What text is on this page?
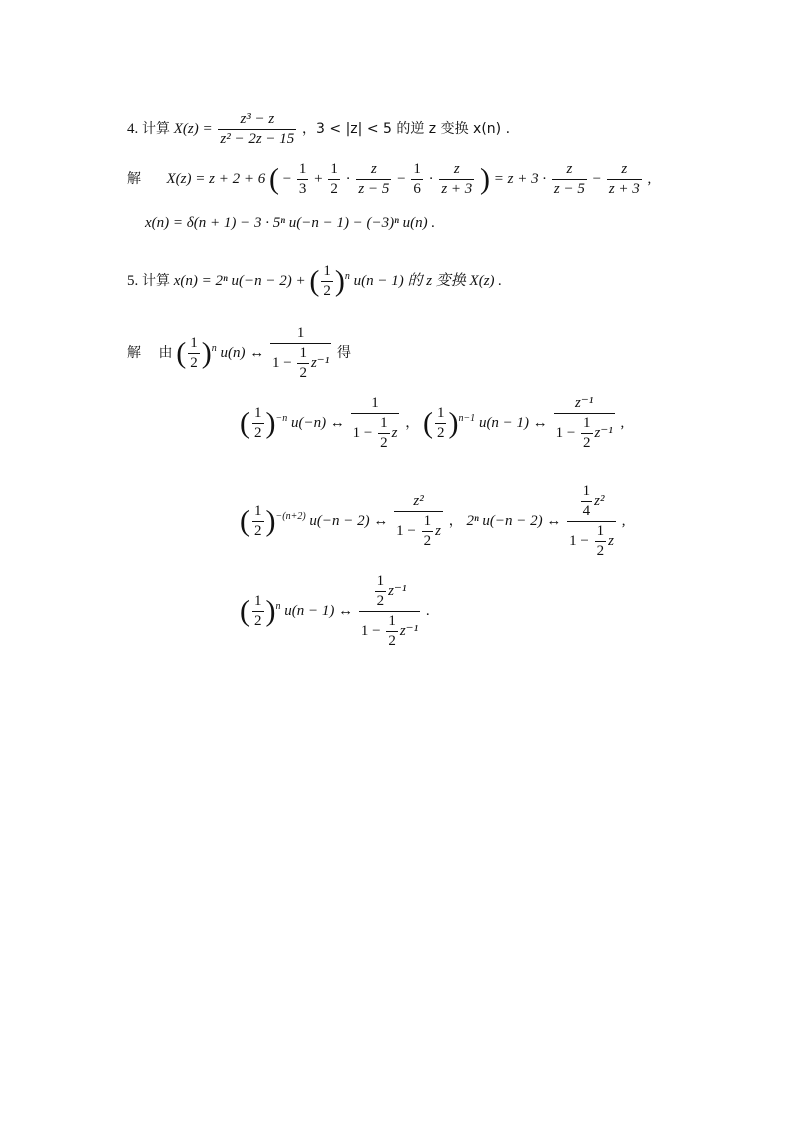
4. 计算 $X(z) = \frac{\text{z³ − z}}{\text{z² − 2z − 15}}$ ，3 < |z| < 5 的逆 z 变换 x(n) .
解 X(z) = z + 2 + 6 ( − $\frac{1}{3} + \frac{1}{2} \cdot \frac{z}{z - 5} - \frac{1}{6} \cdot \frac{z}{z + 3}$ ) = $z + 3 \cdot \frac{z}{z - 5} - \frac{z}{z + 3}$ ,
x(n) = δ(n + 1) − 3 · 5ⁿ u(−n − 1) − (−3)ⁿ u(n) .
5. 计算 x(n) = 2ⁿ u(−n − 2) + ( $\frac{1}{2} )^n$ u(n − 1) 的 z 变换 X(z) .
解 由 ( $\frac{1}{2} )^n$ u(n) ↔ $\frac{1}{1 - \frac{1}{2} z^{-1}}$ 得
( $\frac{1}{2} )^{-n}$ u(−n) ↔ $\frac{1}{1 - \frac{1}{2} z}$ ， ( $\frac{1}{2} )^{n-1}$ u(n − 1) ↔ $\frac{\text{z⁻¹}}{1 - \frac{1}{2} z^{-1}}$ ,
( $\frac{1}{2} )^{-(n+2)}$ u(−n − 2) ↔ $\frac{\text{z²}}{1 - \frac{1}{2} z}$ ， 2ⁿ u(−n − 2) ↔ $\frac{\frac{1}{4} z^2}{1 - \frac{1}{2} z}$ ,
( $\frac{1}{2} )^n$ u(n − 1) ↔ $\frac{\frac{1}{2} z^{-1}}{1 - \frac{1}{2} z^{-1}}$ .
